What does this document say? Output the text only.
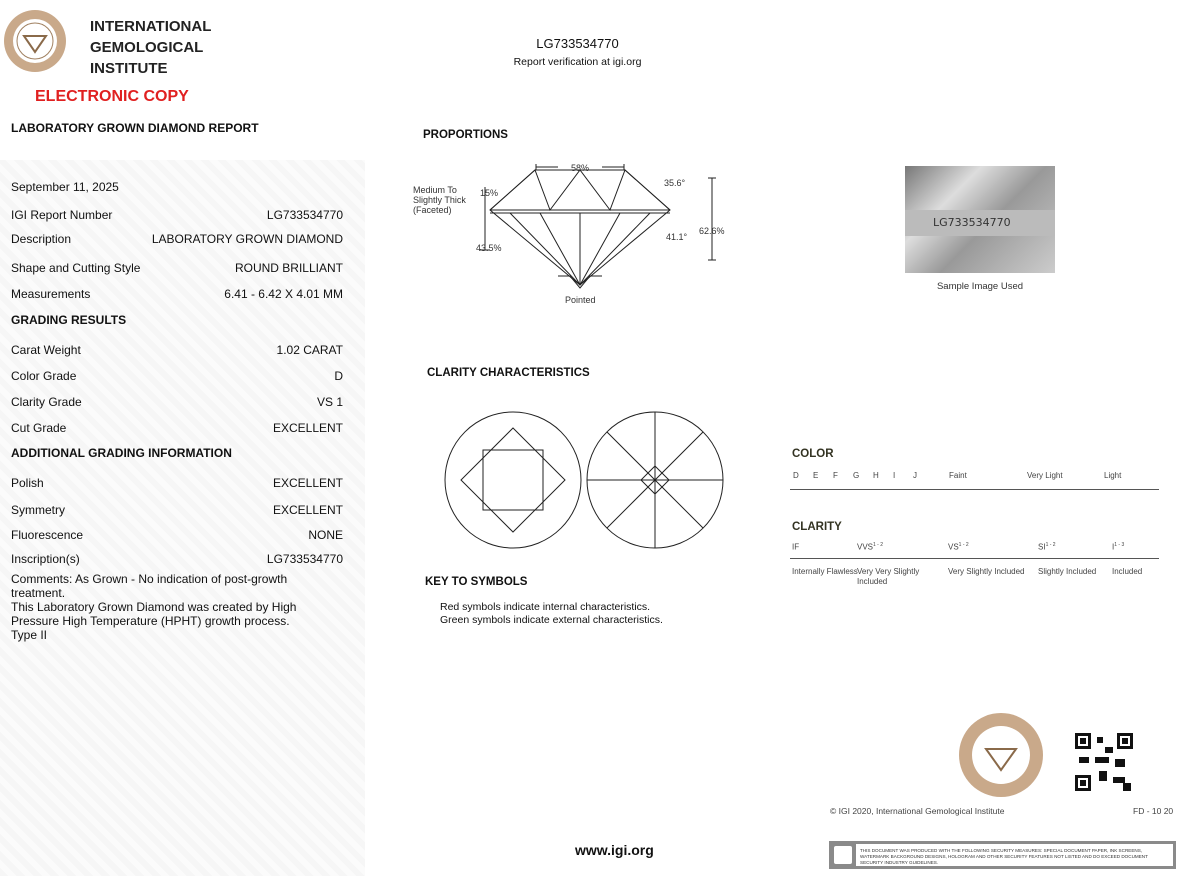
INTERNATIONAL
GEMOLOGICAL
INSTITUTE
ELECTRONIC COPY
LABORATORY GROWN DIAMOND REPORT
LG733534770
Report verification at igi.org
September 11, 2025
IGI Report Number	LG733534770
Description	LABORATORY GROWN DIAMOND
Shape and Cutting Style	ROUND BRILLIANT
Measurements	6.41 - 6.42 X 4.01 MM
Carat Weight	1.02 CARAT
Color Grade	D
Clarity Grade	VS 1
Cut Grade	EXCELLENT
Polish	EXCELLENT
Symmetry	EXCELLENT
Fluorescence	NONE
Inscription(s)	LG733534770
GRADING RESULTS
ADDITIONAL GRADING INFORMATION
Comments: As Grown - No indication of post-growth treatment.
This Laboratory Grown Diamond was created by High Pressure High Temperature (HPHT) growth process.
Type II
PROPORTIONS
58%
35.6°
15%
Medium To
Slightly Thick
(Faceted)
43.5%
41.1°
62.6%
Pointed
LG733534770
Sample Image Used
CLARITY CHARACTERISTICS
KEY TO SYMBOLS
Red symbols indicate internal characteristics.
Green symbols indicate external characteristics.
COLOR
D E F G H I J	Faint	Very Light	Light
CLARITY
IF
Internally Flawless
VVS$^{1 - 2}$
Very Very Slightly Included
VS$^{1 - 2}$
Very Slightly Included
SI$^{1 - 2}$
Slightly Included
$I^{1 - 3}$
Included
© IGI 2020, International Gemological Institute	FD - 10 20
www.igi.org	THIS DOCUMENT WAS PRODUCED WITH THE FOLLOWING SECURITY MEASURES: SPECIAL DOCUMENT PAPER, INK SCREENS, WATERMARK BACKGROUND DESIGNS, HOLOGRAM AND OTHER SECURITY FEATURES NOT LISTED AND DO EXCEED DOCUMENT SECURITY INDUSTRY GUIDELINES.
